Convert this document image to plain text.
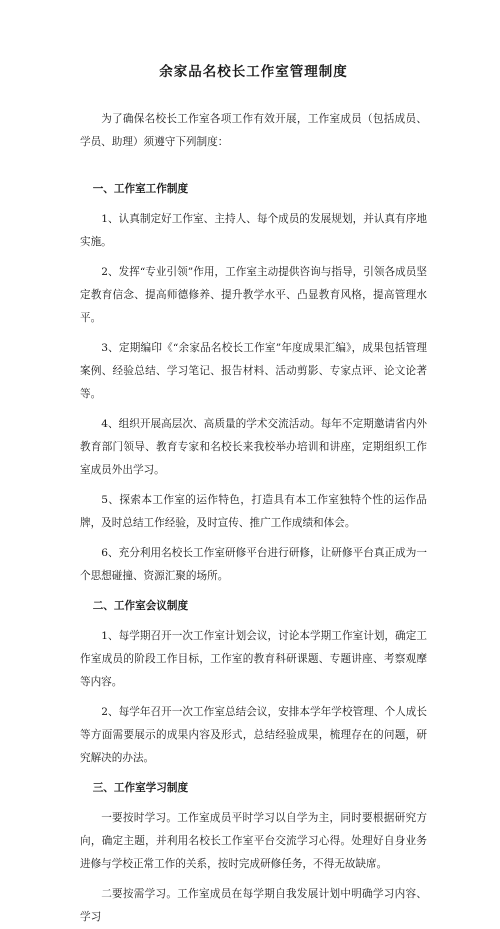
余家品名校长工作室管理制度

为了确保名校长工作室各项工作有效开展，工作室成员（包括成员、学员、助理）须遵守下列制度：

一、工作室工作制度

1、认真制定好工作室、主持人、每个成员的发展规划，并认真有序地实施。

2、发挥“专业引领”作用，工作室主动提供咨询与指导，引领各成员坚定教育信念、提高师德修养、提升教学水平、凸显教育风格，提高管理水平。

3、定期编印《“余家品名校长工作室”年度成果汇编》，成果包括管理案例、经验总结、学习笔记、报告材料、活动剪影、专家点评、论文论著等。

4、组织开展高层次、高质量的学术交流活动。每年不定期邀请省内外教育部门领导、教育专家和名校长来我校举办培训和讲座，定期组织工作室成员外出学习。

5、探索本工作室的运作特色，打造具有本工作室独特个性的运作品牌，及时总结工作经验，及时宣传、推广工作成绩和体会。

6、充分利用名校长工作室研修平台进行研修，让研修平台真正成为一个思想碰撞、资源汇聚的场所。

二、工作室会议制度

1、每学期召开一次工作室计划会议，讨论本学期工作室计划，确定工作室成员的阶段工作目标，工作室的教育科研课题、专题讲座、考察观摩等内容。

2、每学年召开一次工作室总结会议，安排本学年学校管理、个人成长等方面需要展示的成果内容及形式，总结经验成果，梳理存在的问题，研究解决的办法。

三、工作室学习制度

一要按时学习。工作室成员平时学习以自学为主，同时要根据研究方向，确定主题，并利用名校长工作室平台交流学习心得。处理好自身业务进修与学校正常工作的关系，按时完成研修任务，不得无故缺席。

二要按需学习。工作室成员在每学期自我发展计划中明确学习内容、学习
